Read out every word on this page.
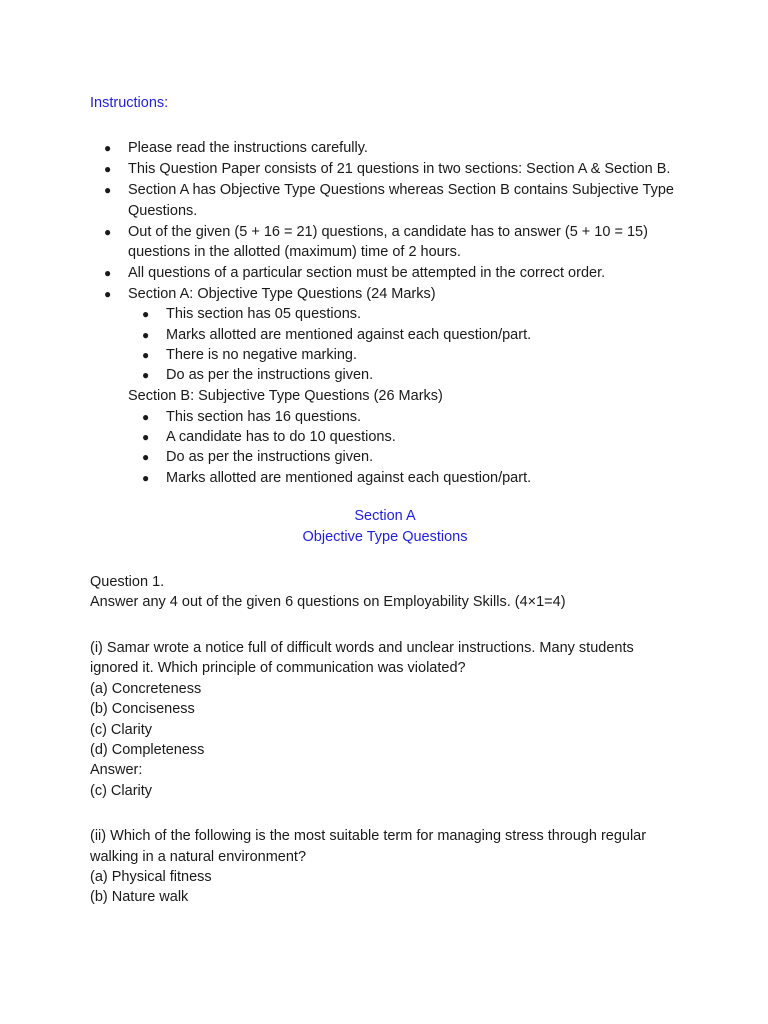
Instructions:

● Please read the instructions carefully.
● This Question Paper consists of 21 questions in two sections: Section A & Section B.
● Section A has Objective Type Questions whereas Section B contains Subjective Type Questions.
● Out of the given (5 + 16 = 21) questions, a candidate has to answer (5 + 10 = 15) questions in the allotted (maximum) time of 2 hours.
● All questions of a particular section must be attempted in the correct order.
● Section A: Objective Type Questions (24 Marks)
● This section has 05 questions.
● Marks allotted are mentioned against each question/part.
● There is no negative marking.
● Do as per the instructions given.
Section B: Subjective Type Questions (26 Marks)
● This section has 16 questions.
● A candidate has to do 10 questions.
● Do as per the instructions given.
● Marks allotted are mentioned against each question/part.

Section A

Objective Type Questions

Question 1.

Answer any 4 out of the given 6 questions on Employability Skills. (4×1=4)

(i) Samar wrote a notice full of difficult words and unclear instructions. Many students ignored it. Which principle of communication was violated?

(a) Concreteness

(b) Conciseness

(c) Clarity

(d) Completeness

Answer:

(c) Clarity

(ii) Which of the following is the most suitable term for managing stress through regular walking in a natural environment?

(a) Physical fitness

(b) Nature walk
